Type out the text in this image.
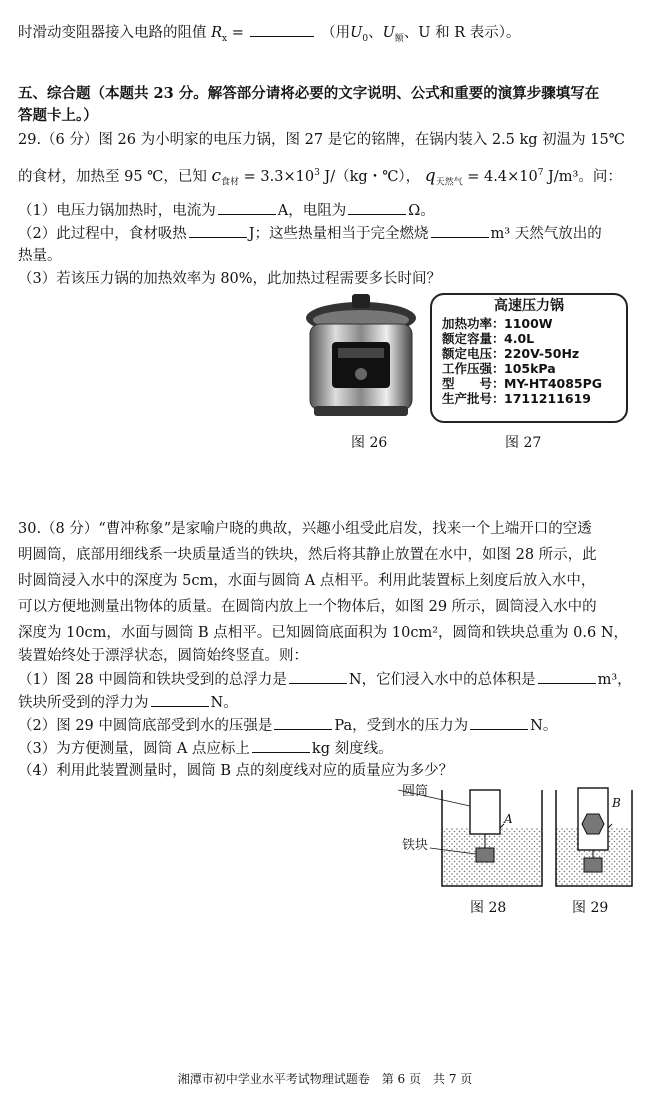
时滑动变阻器接入电路的阻值 $R_x$ =	（用$U_0$、$U_额$、U 和 R 表示）。
五、综合题（本题共 23 分。解答部分请将必要的文字说明、公式和重要的演算步骤填写在
答题卡上。）
29.（6 分）图 26 为小明家的电压力锅，图 27 是它的铭牌，在锅内装入 2.5 kg 初温为 15℃
的食材，加热至 95 ℃，已知 $c_{食材} = 3.3\times 10^3$ J/（kg・℃）， $q_{天然气} = 4.4\times 10^7$ J/m³。问：
（1）电压力锅加热时，电流为	A，电阻为	Ω。
（2）此过程中，食材吸热	J；这些热量相当于完全燃烧	m³ 天然气放出的
热量。
（3）若该压力锅的加热效率为 80%，此加热过程需要多长时间？
高速压力锅
加热功率：1100W
额定容量：4.0L
额定电压：220V-50Hz
工作压强：105kPa
型　　号：MY-HT4085PG
生产批号：1711211619
图 26	图 27
30.（8 分）“曹冲称象”是家喻户晓的典故，兴趣小组受此启发，找来一个上端开口的空透
明圆筒，底部用细线系一块质量适当的铁块，然后将其静止放置在水中，如图 28 所示，此
时圆筒浸入水中的深度为 5cm，水面与圆筒 A 点相平。利用此装置标上刻度后放入水中，
可以方便地测量出物体的质量。在圆筒内放上一个物体后，如图 29 所示，圆筒浸入水中的
深度为 10cm，水面与圆筒 B 点相平。已知圆筒底面积为 10cm²，圆筒和铁块总重为 0.6 N，
装置始终处于漂浮状态，圆筒始终竖直。则：
（1）图 28 中圆筒和铁块受到的总浮力是	N，它们浸入水中的总体积是	m³，
铁块所受到的浮力为	N。
（2）图 29 中圆筒底部受到水的压强是	Pa，受到水的压力为	N。
（3）为方便测量，圆筒 A 点应标上	kg 刻度线。
（4）利用此装置测量时，圆筒 B 点的刻度线对应的质量应为多少？
圆筒
铁块
A
B
图 28	图 29
湘潭市初中学业水平考试物理试题卷　第 6 页　共 7 页
